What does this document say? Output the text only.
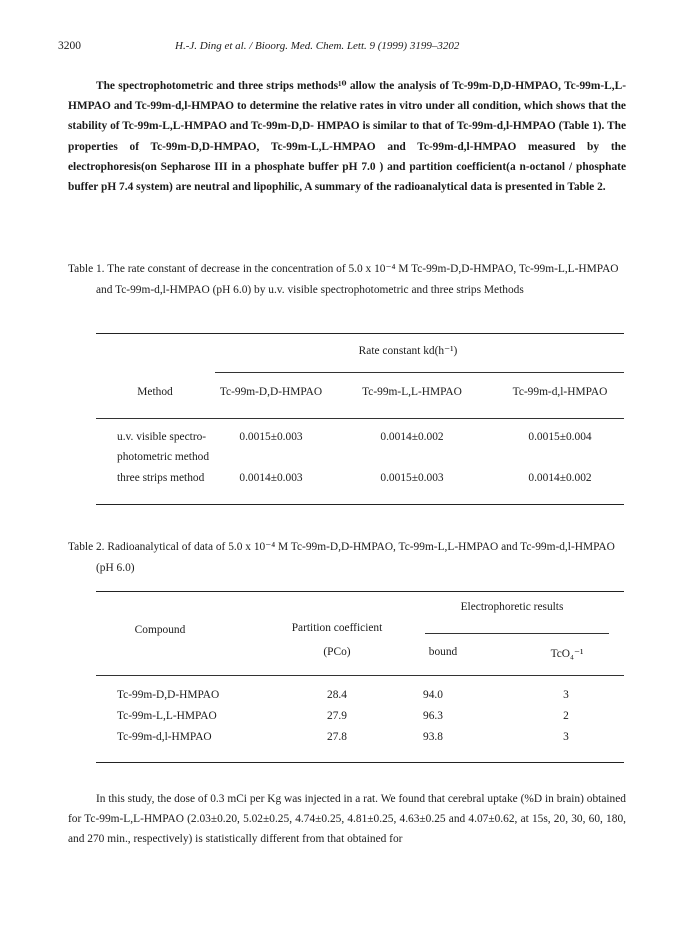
3200	H.-J. Ding et al. / Bioorg. Med. Chem. Lett. 9 (1999) 3199–3202
The spectrophotometric and three strips methods¹⁰ allow the analysis of Tc-99m-D,D-HMPAO, Tc-99m-L,L-HMPAO and Tc-99m-d,l-HMPAO to determine the relative rates in vitro under all condition, which shows that the stability of Tc-99m-L,L-HMPAO and Tc-99m-D,D- HMPAO is similar to that of Tc-99m-d,l-HMPAO (Table 1). The properties of Tc-99m-D,D-HMPAO, Tc-99m-L,L-HMPAO and Tc-99m-d,l-HMPAO measured by the electrophoresis(on Sepharose III in a phosphate buffer pH 7.0 ) and partition coefficient(a n-octanol / phosphate buffer pH 7.4 system) are neutral and lipophilic, A summary of the radioanalytical data is presented in Table 2.
Table 1. The rate constant of decrease in the concentration of 5.0 x 10⁻⁴ M Tc-99m-D,D-HMPAO, Tc-99m-L,L-HMPAO and Tc-99m-d,l-HMPAO (pH 6.0) by u.v. visible spectrophotometric and three strips Methods
Rate constant kd(h⁻¹)
Method	Tc-99m-D,D-HMPAO	Tc-99m-L,L-HMPAO	Tc-99m-d,l-HMPAO
u.v. visible spectro-
photometric method
0.0015±0.003	0.0014±0.002	0.0015±0.004
three strips method	0.0014±0.003	0.0015±0.003	0.0014±0.002
Table 2. Radioanalytical of data of 5.0 x 10⁻⁴ M Tc-99m-D,D-HMPAO, Tc-99m-L,L-HMPAO and Tc-99m-d,l-HMPAO (pH 6.0)
Electrophoretic results
Compound	Partition coefficient
(PCo)	bound	TcO₄⁻¹
Tc-99m-D,D-HMPAO	28.4	94.0	3
Tc-99m-L,L-HMPAO	27.9	96.3	2
Tc-99m-d,l-HMPAO	27.8	93.8	3
In this study, the dose of 0.3 mCi per Kg was injected in a rat. We found that cerebral uptake (%D in brain) obtained for Tc-99m-L,L-HMPAO (2.03±0.20, 5.02±0.25, 4.74±0.25, 4.81±0.25, 4.63±0.25 and 4.07±0.62, at 15s, 20, 30, 60, 180, and 270 min., respectively) is statistically different from that obtained for
